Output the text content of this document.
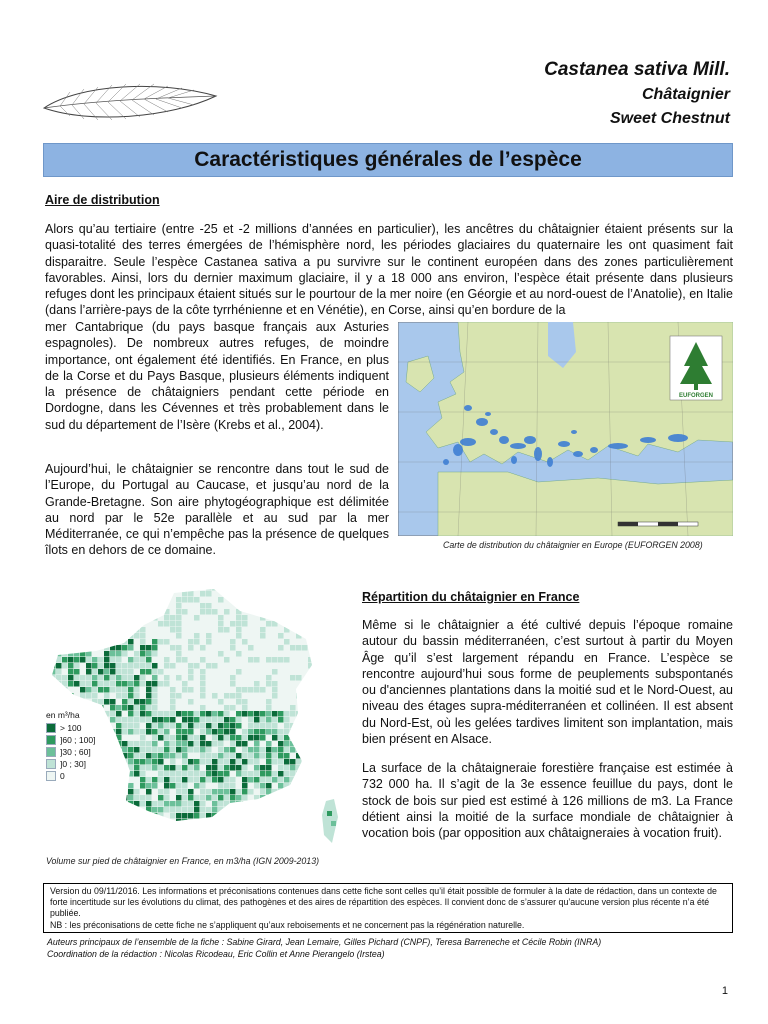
Castanea sativa Mill.
Châtaignier
Sweet Chestnut
Caractéristiques générales de l’espèce
Aire de distribution

Alors qu’au tertiaire (entre -25 et -2 millions d’années en particulier), les ancêtres du châtaignier étaient présents sur la quasi-totalité des terres émergées de l’hémisphère nord, les périodes glaciaires du quaternaire les ont quasiment fait disparaitre. Seule l’espèce Castanea sativa a pu survivre sur le continent européen dans des zones particulièrement favorables. Ainsi, lors du dernier maximum glaciaire, il y a 18 000 ans environ, l’espèce était présente dans plusieurs refuges dont les principaux étaient situés sur le pourtour de la mer noire (en Géorgie et au nord-ouest de l’Anatolie), en Italie (dans l’arrière-pays de la côte tyrrhénienne et en Vénétie), en Corse, ainsi qu’en bordure de la

mer Cantabrique (du pays basque français aux Asturies espagnoles). De nombreux autres refuges, de moindre importance, ont également été identifiés. En France, en plus de la Corse et du Pays Basque, plusieurs éléments indiquent la présence de châtaigniers pendant cette période en Dordogne, dans les Cévennes et très probablement dans le sud du département de l’Isère (Krebs et al., 2004).

Aujourd’hui, le châtaignier se rencontre dans tout le sud de l’Europe, du Portugal au Caucase, et jusqu’au nord de la Grande-Bretagne. Son aire phytogéographique est délimitée au nord par le 52e parallèle et au sud par la mer Méditerranée, ce qui n’empêche pas la présence de quelques îlots en dehors de ce domaine.

EUFORGEN
Carte de distribution du châtaignier en Europe (EUFORGEN 2008)
Répartition du châtaignier en France

Même si le châtaignier a été cultivé depuis l’époque romaine autour du bassin méditerranéen, c’est surtout à partir du Moyen Âge qu’il s’est largement répandu en France. L’espèce se rencontre aujourd’hui sous forme de peuplements subspontanés ou d'anciennes plantations dans la moitié sud et le Nord-Ouest, au niveau des étages supra-méditerranéen et collinéen. Il est absent du Nord-Est, où les gelées tardives limitent son implantation, mais bien présent en Alsace.

La surface de la châtaigneraie forestière française est estimée à 732 000 ha. Il s’agit de la 3e essence feuillue du pays, dont le stock de bois sur pied est estimé à 126 millions de m3. La France détient ainsi la moitié de la surface mondiale de châtaignier à vocation bois (par opposition aux châtaigneraies à vocation fruit).

en m³/ha
> 100
]60 ; 100]
]30 ; 60]
]0 ; 30]
0
Volume sur pied de châtaignier en France, en m3/ha (IGN 2009-2013)
Version du 09/11/2016. Les informations et préconisations contenues dans cette fiche sont celles qu’il était possible de formuler à la date de rédaction, dans un contexte de forte incertitude sur les évolutions du climat, des pathogènes et des aires de répartition des espèces. Il convient donc de s’assurer qu’aucune version plus récente n’a été publiée.
NB : les préconisations de cette fiche ne s’appliquent qu’aux reboisements et ne concernent pas la régénération naturelle.
Auteurs principaux de l’ensemble de la fiche : Sabine Girard, Jean Lemaire, Gilles Pichard (CNPF), Teresa Barreneche et Cécile Robin (INRA)
Coordination de la rédaction : Nicolas Ricodeau, Eric Collin et Anne Pierangelo (Irstea)
1
